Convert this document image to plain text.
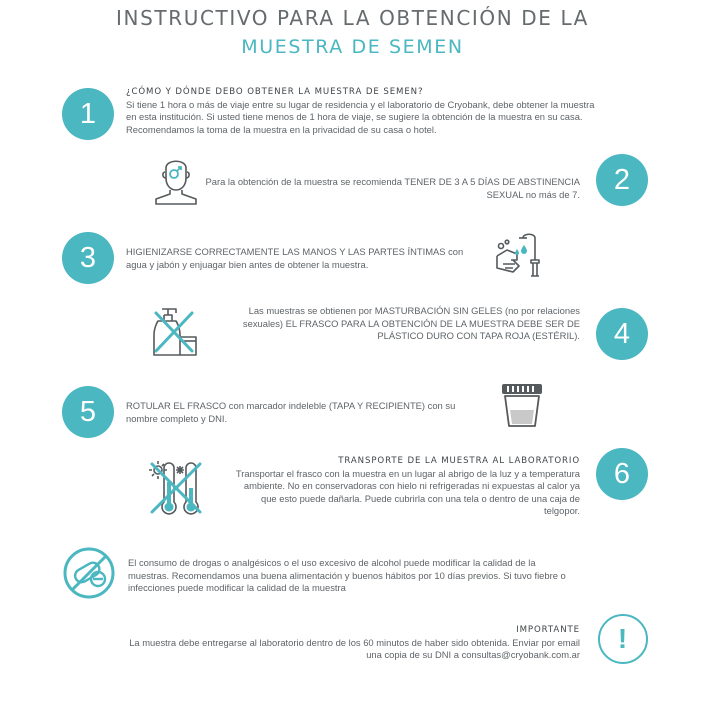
INSTRUCTIVO PARA LA OBTENCIÓN DE LA
MUESTRA DE SEMEN
1
¿CÓMO Y DÓNDE DEBO OBTENER LA MUESTRA DE SEMEN?
Si tiene 1 hora o más de viaje entre su lugar de residencia y el laboratorio de Cryobank, debe obtener la muestra en esta institución. Si usted tiene menos de 1 hora de viaje, se sugiere la obtención de la muestra en su casa. Recomendamos la toma de la muestra en la privacidad de su casa o hotel.
Para la obtención de la muestra se recomienda TENER DE 3 A 5 DÍAS DE ABSTINENCIA SEXUAL no más de 7.	2
3	HIGIENIZARSE CORRECTAMENTE LAS MANOS Y LAS PARTES ÍNTIMAS con agua y jabón y enjuagar bien antes de obtener la muestra.
Las muestras se obtienen por MASTURBACIÓN SIN GELES (no por relaciones sexuales) EL FRASCO PARA LA OBTENCIÓN DE LA MUESTRA DEBE SER DE PLÁSTICO DURO CON TAPA ROJA (ESTÉRIL).	4
5	ROTULAR EL FRASCO con marcador indeleble (TAPA Y RECIPIENTE) con su nombre completo y DNI.
TRANSPORTE DE LA MUESTRA AL LABORATORIO
Transportar el frasco con la muestra en un lugar al abrigo de la luz y a temperatura ambiente. No en conservadoras con hielo ni refrigeradas ni expuestas al calor ya que esto puede dañarla. Puede cubrirla con una tela o dentro de una caja de telgopor.
6
El consumo de drogas o analgésicos o el uso excesivo de alcohol puede modificar la calidad de la muestras. Recomendamos una buena alimentación y buenos hábitos por 10 días previos. Si tuvo fiebre o infecciones puede modificar la calidad de la muestra
IMPORTANTE
La muestra debe entregarse al laboratorio dentro de los 60 minutos de haber sido obtenida. Enviar por email una copia de su DNI a consultas@cryobank.com.ar
!
